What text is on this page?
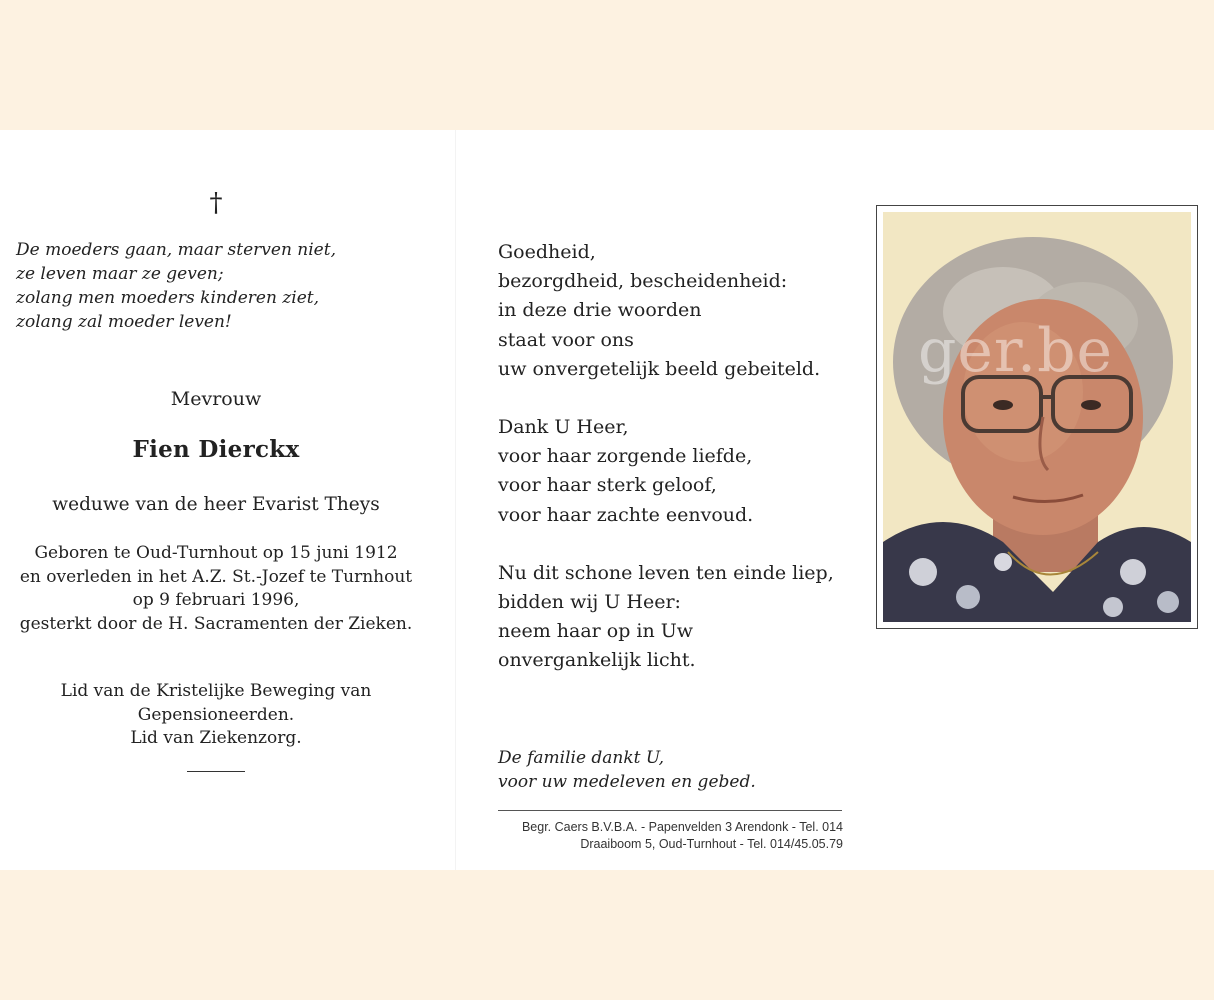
†
De moeders gaan, maar sterven niet,
ze leven maar ze geven;
zolang men moeders kinderen ziet,
zolang zal moeder leven!
Mevrouw
Fien Dierckx
weduwe van de heer Evarist Theys
Geboren te Oud-Turnhout op 15 juni 1912
en overleden in het A.Z. St.-Jozef te Turnhout
op 9 februari 1996,
gesterkt door de H. Sacramenten der Zieken.
Lid van de Kristelijke Beweging van
Gepensioneerden.
Lid van Ziekenzorg.
Goedheid,
bezorgdheid, bescheidenheid:
in deze drie woorden
staat voor ons
uw onvergetelijk beeld gebeiteld.
Dank U Heer,
voor haar zorgende liefde,
voor haar sterk geloof,
voor haar zachte eenvoud.
Nu dit schone leven ten einde liep,
bidden wij U Heer:
neem haar op in Uw
onvergankelijk licht.
De familie dankt U,
voor uw medeleven en gebed.
Begr. Caers B.V.B.A. - Papenvelden 3 Arendonk - Tel. 014
Draaiboom 5, Oud-Turnhout - Tel. 014/45.05.79
ger.be
